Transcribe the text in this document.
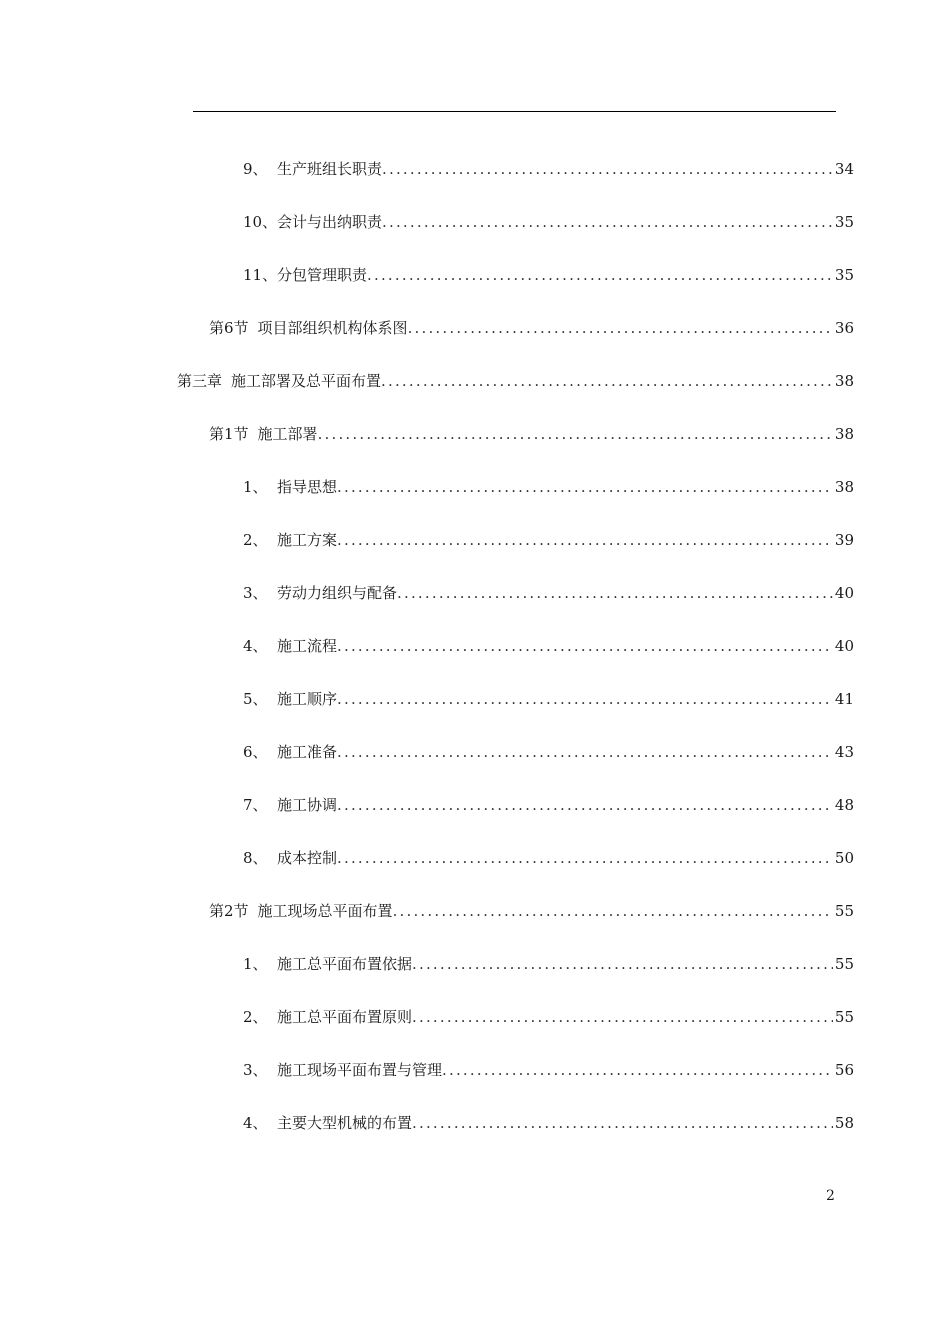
9、 生产班组长职责 .....	34
10、 会计与出纳职责 .....	35
11、 分包管理职责 .....	35
第6节 项目部组织机构体系图 .....	36
第三章 施工部署及总平面布置 .....	38
第1节 施工部署 .....	38
1、 指导思想 .....	38
2、 施工方案 .....	39
3、 劳动力组织与配备 .....	40
4、 施工流程 .....	40
5、 施工顺序 .....	41
6、 施工准备 .....	43
7、 施工协调 .....	48
8、 成本控制 .....	50
第2节 施工现场总平面布置 .....	55
1、 施工总平面布置依据 .....	55
2、 施工总平面布置原则 .....	55
3、 施工现场平面布置与管理 .....	56
4、 主要大型机械的布置 .....	58
2
